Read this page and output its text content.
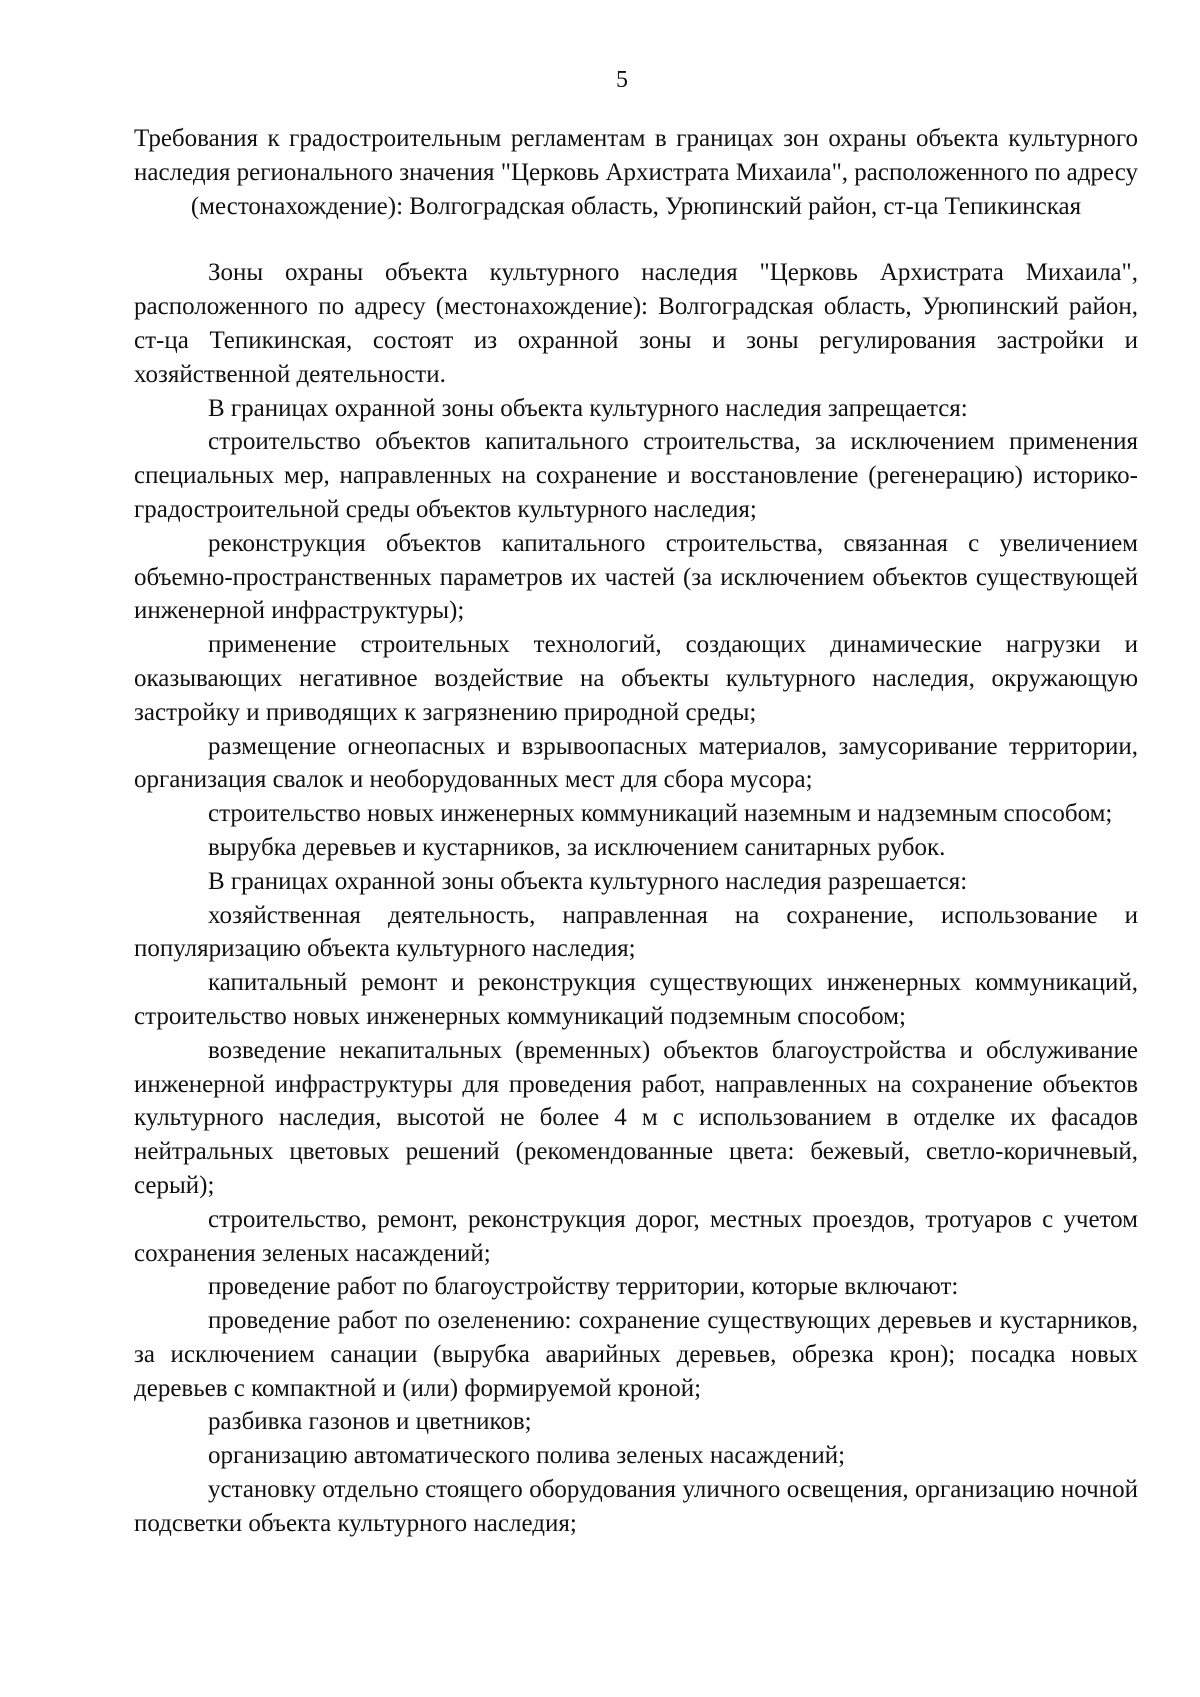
5
Требования к градостроительным регламентам в границах зон охраны объекта культурного наследия регионального значения "Церковь Архистрата Михаила", расположенного по адресу (местонахождение): Волгоградская область, Урюпинский район, ст-ца Тепикинская

Зоны охраны объекта культурного наследия "Церковь Архистрата Михаила", расположенного по адресу (местонахождение): Волгоградская область, Урюпинский район, ст-ца Тепикинская, состоят из охранной зоны и зоны регулирования застройки и хозяйственной деятельности.

В границах охранной зоны объекта культурного наследия запрещается:

строительство объектов капитального строительства, за исключением применения специальных мер, направленных на сохранение и восстановление (регенерацию) историко-градостроительной среды объектов культурного наследия;

реконструкция объектов капитального строительства, связанная с увеличением объемно-пространственных параметров их частей (за исключением объектов существующей инженерной инфраструктуры);

применение строительных технологий, создающих динамические нагрузки и оказывающих негативное воздействие на объекты культурного наследия, окружающую застройку и приводящих к загрязнению природной среды;

размещение огнеопасных и взрывоопасных материалов, замусоривание территории, организация свалок и необорудованных мест для сбора мусора;

строительство новых инженерных коммуникаций наземным и надземным способом;

вырубка деревьев и кустарников, за исключением санитарных рубок.

В границах охранной зоны объекта культурного наследия разрешается:

хозяйственная деятельность, направленная на сохранение, использование и популяризацию объекта культурного наследия;

капитальный ремонт и реконструкция существующих инженерных коммуникаций, строительство новых инженерных коммуникаций подземным способом;

возведение некапитальных (временных) объектов благоустройства и обслуживание инженерной инфраструктуры для проведения работ, направленных на сохранение объектов культурного наследия, высотой не более 4 м с использованием в отделке их фасадов нейтральных цветовых решений (рекомендованные цвета: бежевый, светло-коричневый, серый);

строительство, ремонт, реконструкция дорог, местных проездов, тротуаров с учетом сохранения зеленых насаждений;

проведение работ по благоустройству территории, которые включают:

проведение работ по озеленению: сохранение существующих деревьев и кустарников, за исключением санации (вырубка аварийных деревьев, обрезка крон); посадка новых деревьев с компактной и (или) формируемой кроной;

разбивка газонов и цветников;

организацию автоматического полива зеленых насаждений;

установку отдельно стоящего оборудования уличного освещения, организацию ночной подсветки объекта культурного наследия;
